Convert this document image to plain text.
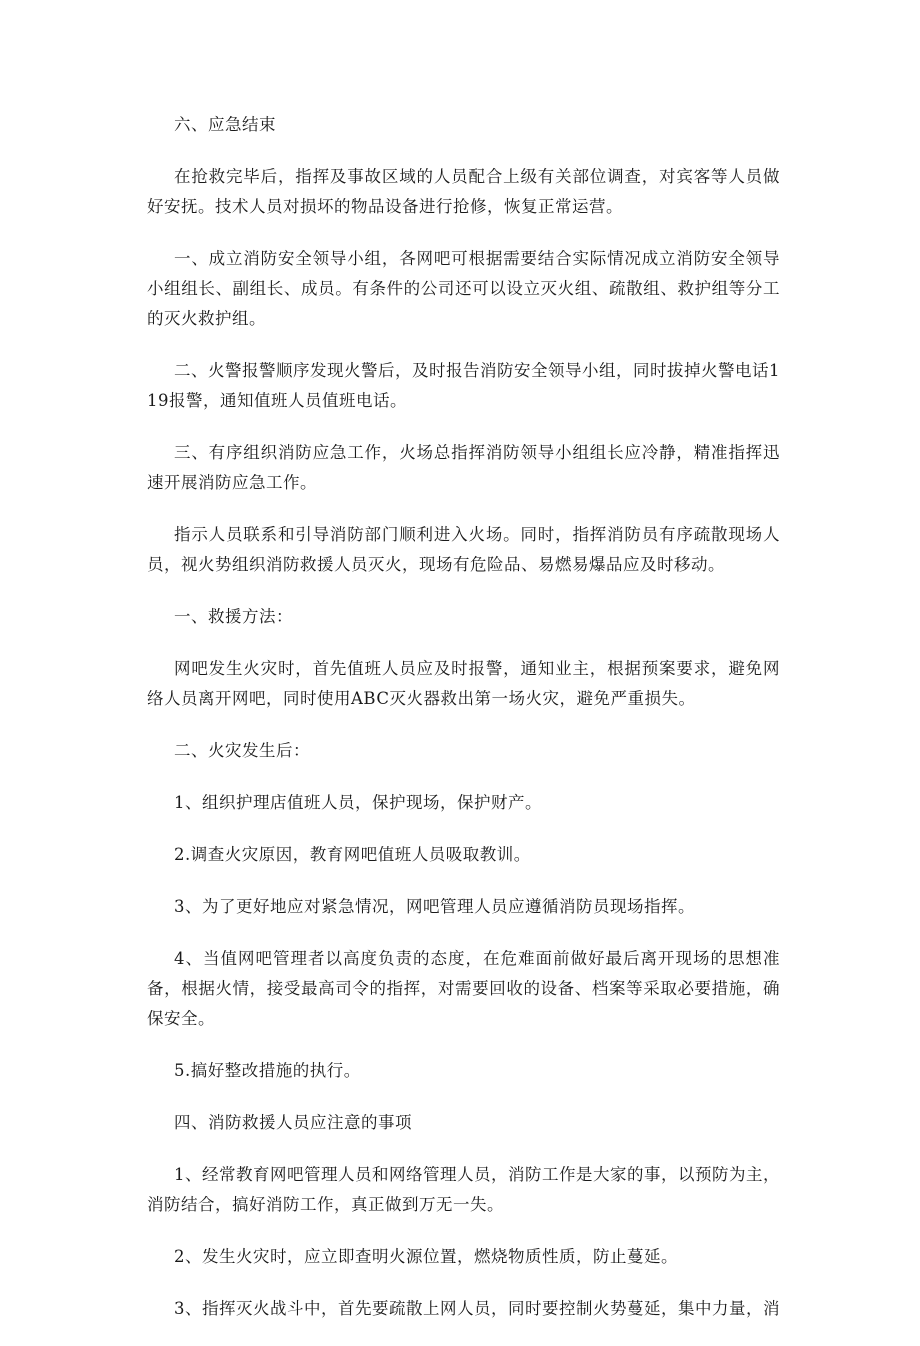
六、应急结束

在抢救完毕后，指挥及事故区域的人员配合上级有关部位调查，对宾客等人员做好安抚。技术人员对损坏的物品设备进行抢修，恢复正常运营。

一、成立消防安全领导小组，各网吧可根据需要结合实际情况成立消防安全领导小组组长、副组长、成员。有条件的公司还可以设立灭火组、疏散组、救护组等分工的灭火救护组。

二、火警报警顺序发现火警后，及时报告消防安全领导小组，同时拔掉火警电话119报警，通知值班人员值班电话。

三、有序组织消防应急工作，火场总指挥消防领导小组组长应冷静，精准指挥迅速开展消防应急工作。

指示人员联系和引导消防部门顺利进入火场。同时，指挥消防员有序疏散现场人员，视火势组织消防救援人员灭火，现场有危险品、易燃易爆品应及时移动。

一、救援方法：

网吧发生火灾时，首先值班人员应及时报警，通知业主，根据预案要求，避免网络人员离开网吧，同时使用ABC灭火器救出第一场火灾，避免严重损失。

二、火灾发生后：

1、组织护理店值班人员，保护现场，保护财产。

2.调查火灾原因，教育网吧值班人员吸取教训。

3、为了更好地应对紧急情况，网吧管理人员应遵循消防员现场指挥。

4、当值网吧管理者以高度负责的态度，在危难面前做好最后离开现场的思想准备，根据火情，接受最高司令的指挥，对需要回收的设备、档案等采取必要措施，确保安全。

5.搞好整改措施的执行。

四、消防救援人员应注意的事项

1、经常教育网吧管理人员和网络管理人员，消防工作是大家的事，以预防为主，消防结合，搞好消防工作，真正做到万无一失。

2、发生火灾时，应立即查明火源位置，燃烧物质性质，防止蔓延。

3、指挥灭火战斗中，首先要疏散上网人员，同时要控制火势蔓延，集中力量，消
